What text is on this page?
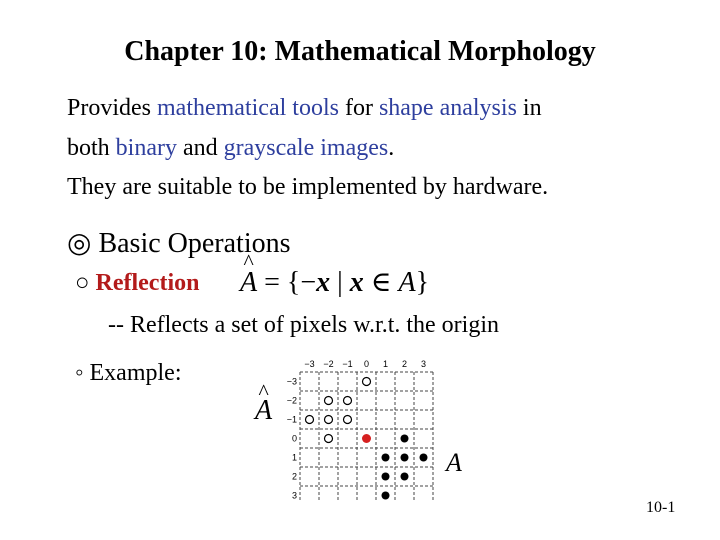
Chapter 10: Mathematical Morphology
Provides mathematical tools for shape analysis in
both binary and grayscale images.
They are suitable to be implemented by hardware.
◎ Basic Operations
○ Reflection
^ A = {−x | x ∈ A}
-- Reflects a set of pixels w.r.t. the origin
◦ Example:
^ A
−3 −2 −1 0 1 2 3
−3
−2
−1
0
1
2
3
A
10-1
